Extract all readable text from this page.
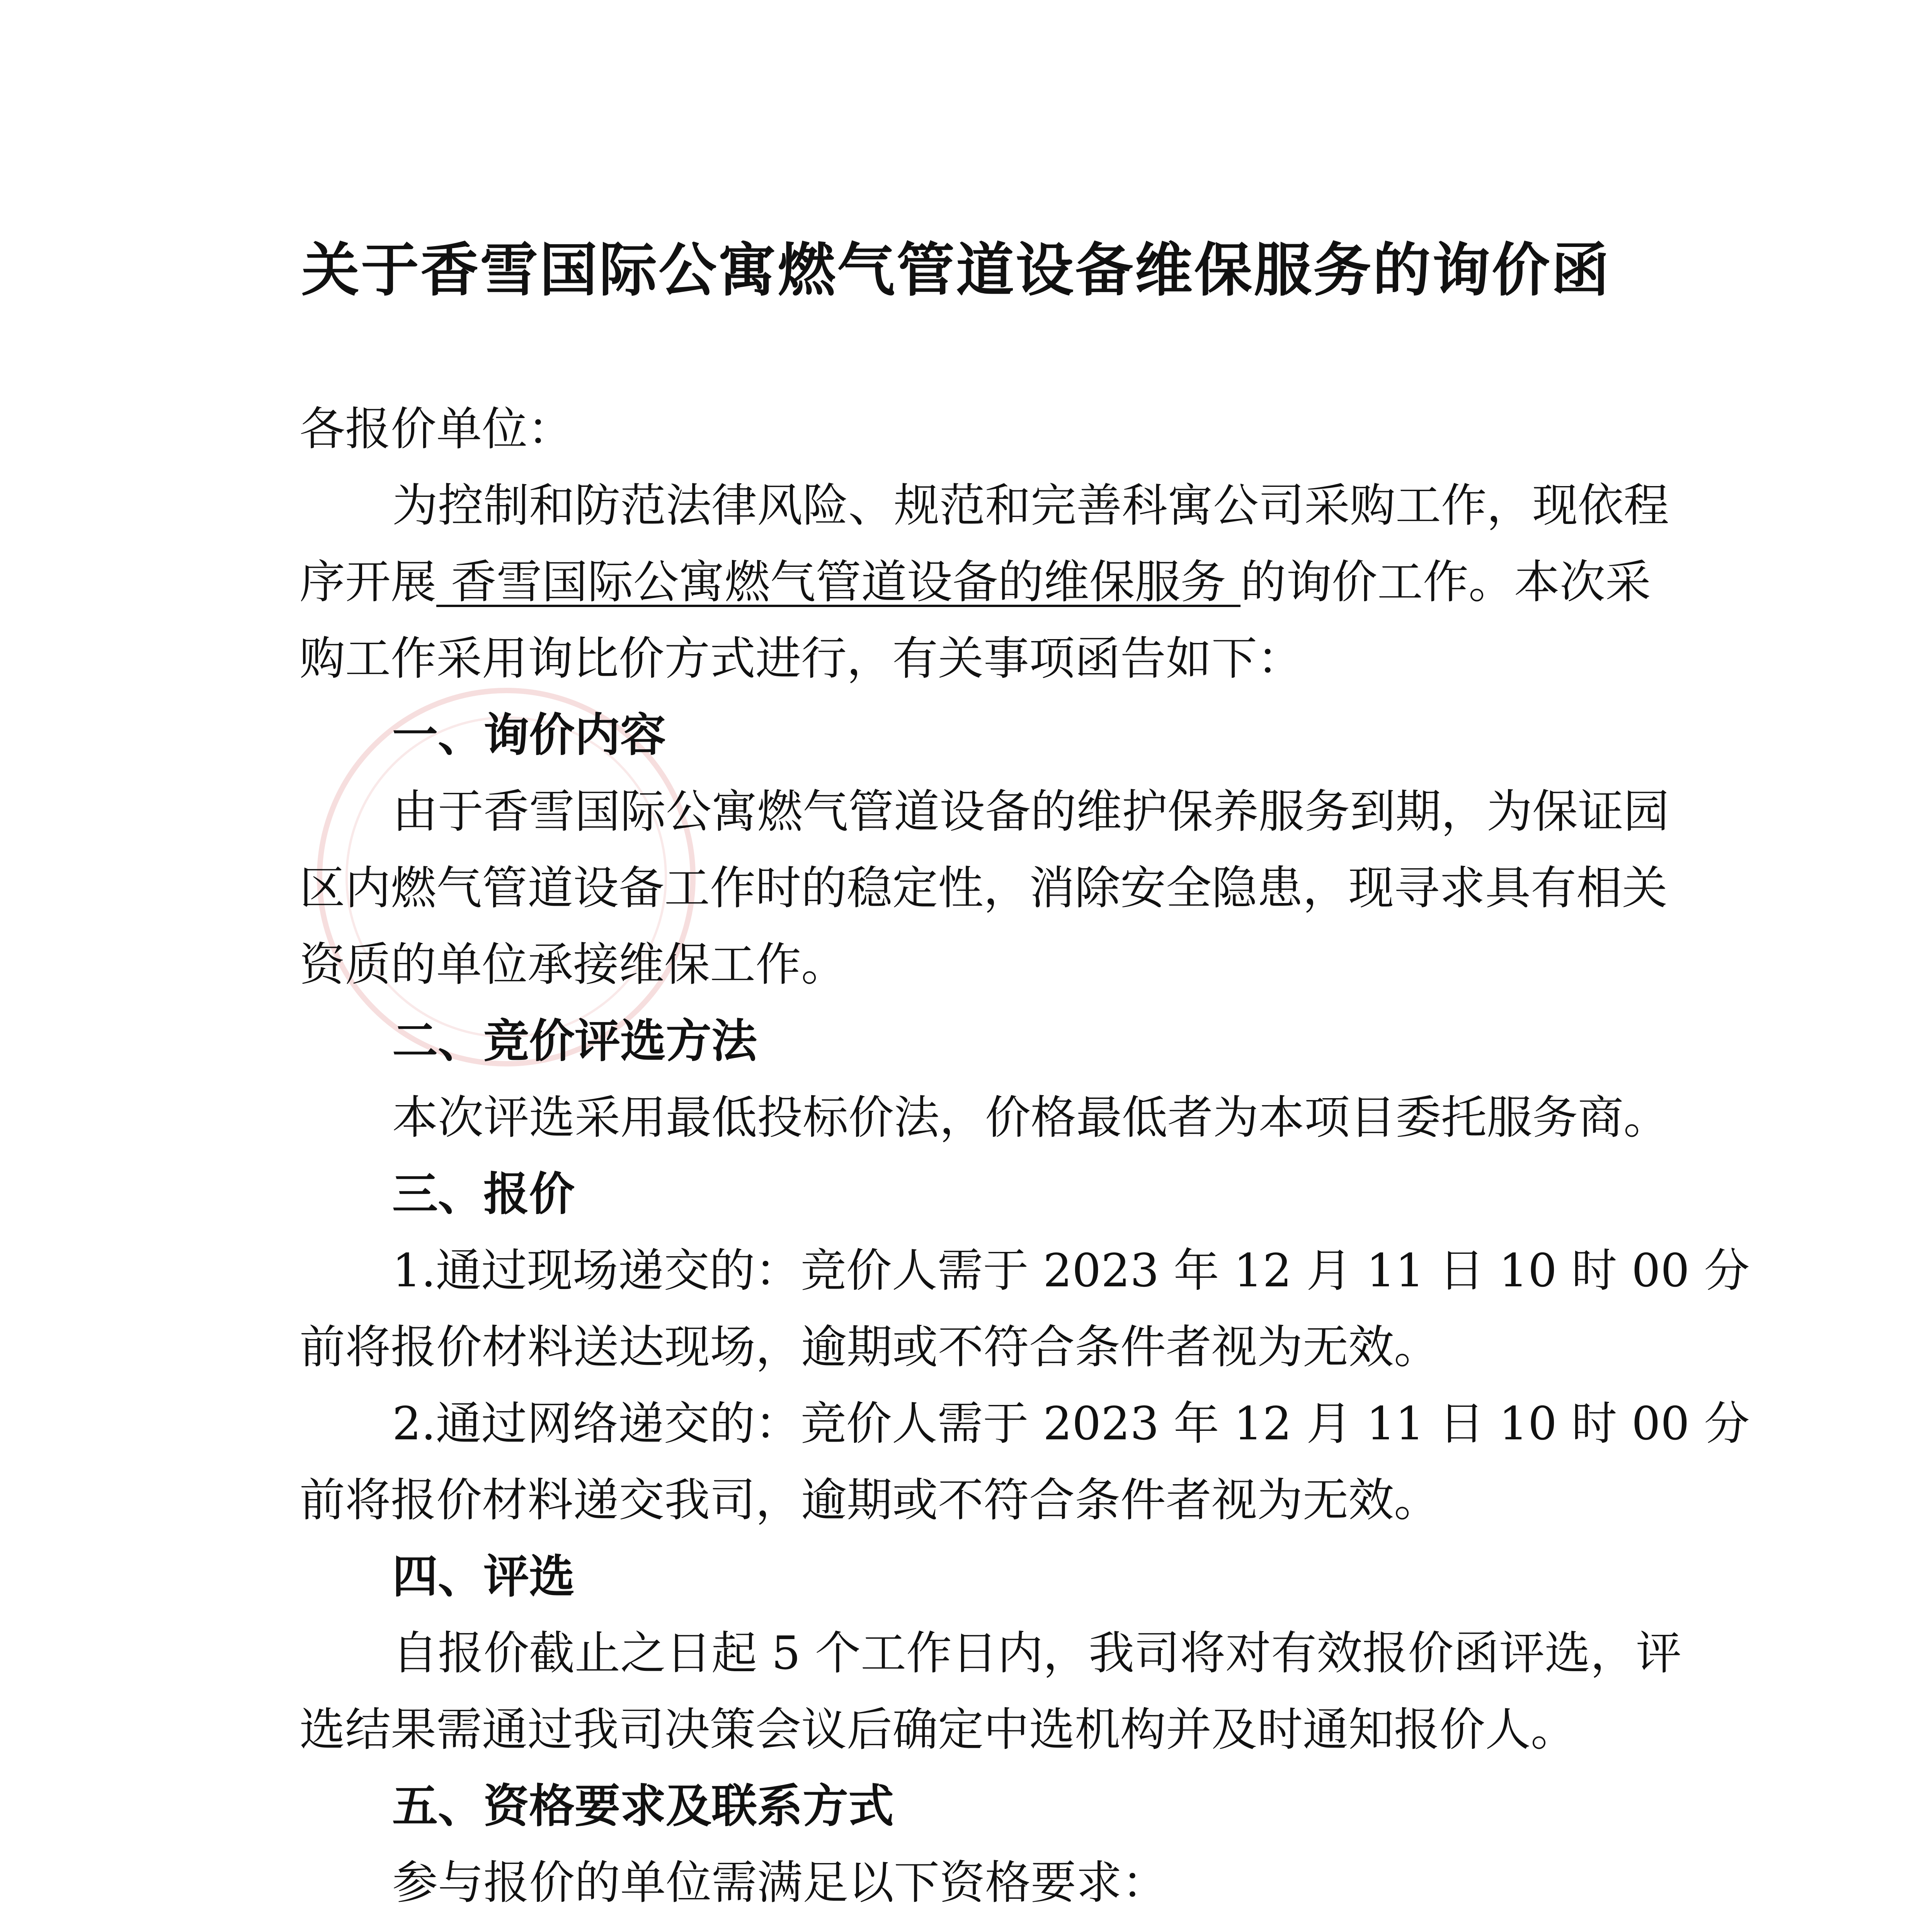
关于香雪国际公寓燃气管道设备维保服务的询价函
各报价单位：
为控制和防范法律风险、规范和完善科寓公司采购工作，现依程
序开展 香雪国际公寓燃气管道设备的维保服务 的询价工作。本次采
购工作采用询比价方式进行，有关事项函告如下：
一、询价内容
由于香雪国际公寓燃气管道设备的维护保养服务到期，为保证园
区内燃气管道设备工作时的稳定性，消除安全隐患，现寻求具有相关
资质的单位承接维保工作。
二、竞价评选方法
本次评选采用最低投标价法，价格最低者为本项目委托服务商。
三、报价
1.通过现场递交的：竞价人需于 2023 年 12 月 11 日 10 时 00 分
前将报价材料送达现场，逾期或不符合条件者视为无效。
2.通过网络递交的：竞价人需于 2023 年 12 月 11 日 10 时 00 分
前将报价材料递交我司，逾期或不符合条件者视为无效。
四、评选
自报价截止之日起 5 个工作日内，我司将对有效报价函评选，评
选结果需通过我司决策会议后确定中选机构并及时通知报价人。
五、资格要求及联系方式
参与报价的单位需满足以下资格要求：
